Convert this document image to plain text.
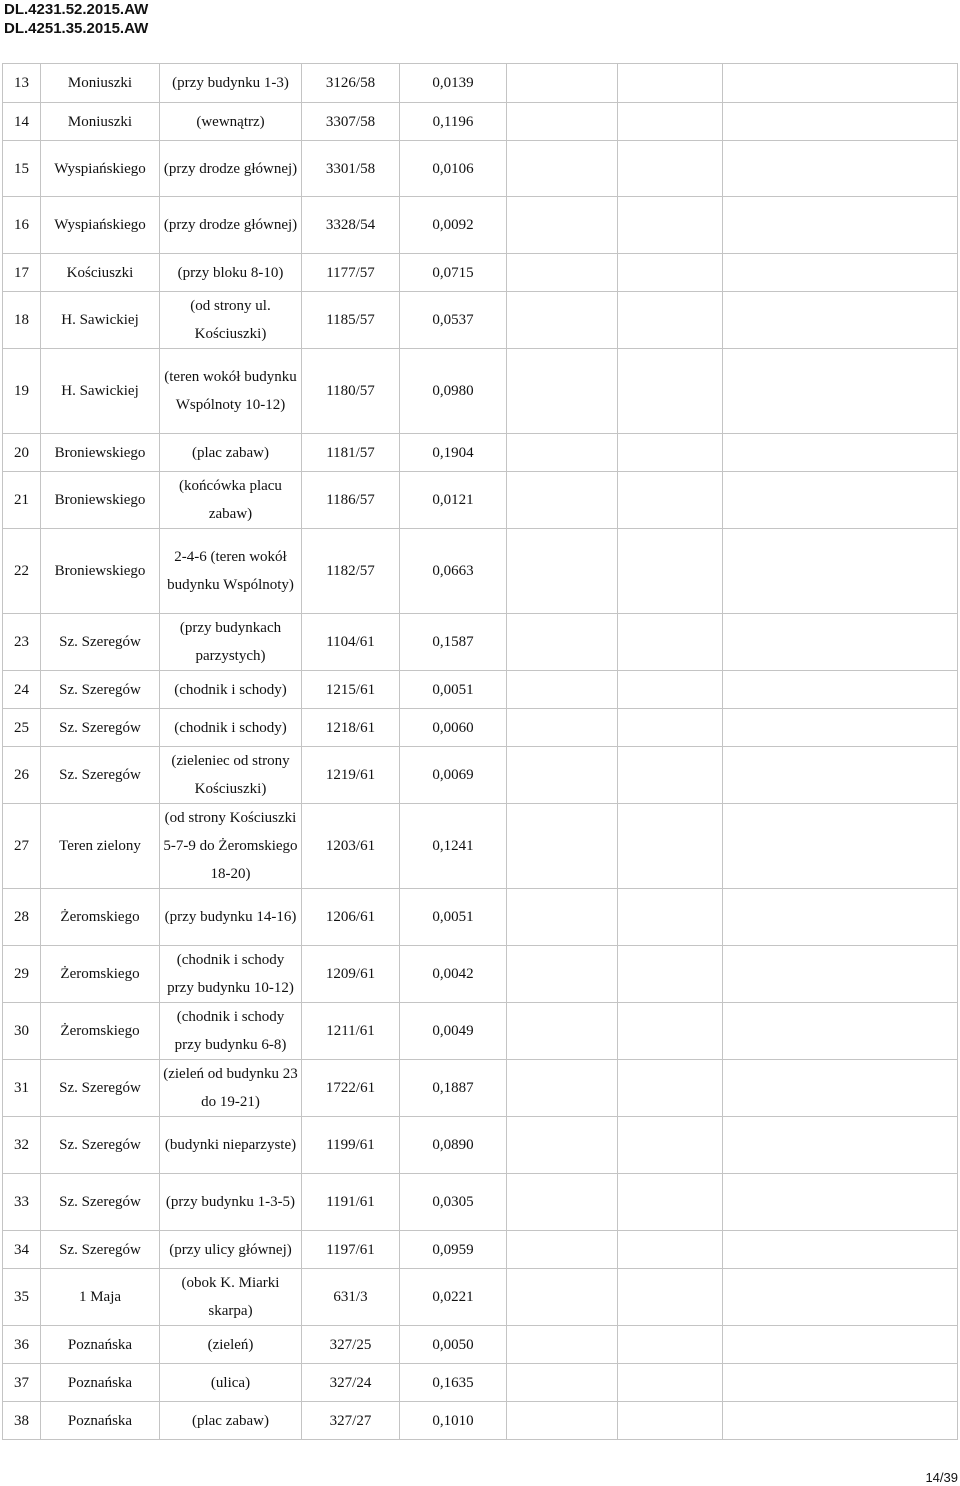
DL.4231.52.2015.AW
DL.4251.35.2015.AW
13	Moniuszki	(przy budynku 1-3)	3126/58	0,0139			
14	Moniuszki	(wewnątrz)	3307/58	0,1196			
15	Wyspiańskiego	(przy drodze głównej)	3301/58	0,0106			
16	Wyspiańskiego	(przy drodze głównej)	3328/54	0,0092			
17	Kościuszki	(przy bloku 8-10)	1177/57	0,0715			
18	H. Sawickiej	(od strony ul. Kościuszki)	1185/57	0,0537			
19	H. Sawickiej	(teren wokół budynku Wspólnoty 10-12)	1180/57	0,0980			
20	Broniewskiego	(plac zabaw)	1181/57	0,1904			
21	Broniewskiego	(końcówka placu zabaw)	1186/57	0,0121			
22	Broniewskiego	2-4-6 (teren wokół budynku Wspólnoty)	1182/57	0,0663			
23	Sz. Szeregów	(przy budynkach parzystych)	1104/61	0,1587			
24	Sz. Szeregów	(chodnik i schody)	1215/61	0,0051			
25	Sz. Szeregów	(chodnik i schody)	1218/61	0,0060			
26	Sz. Szeregów	(zieleniec od strony Kościuszki)	1219/61	0,0069			
27	Teren zielony	(od strony Kościuszki 5-7-9 do Żeromskiego 18-20)	1203/61	0,1241			
28	Żeromskiego	(przy budynku 14-16)	1206/61	0,0051			
29	Żeromskiego	(chodnik i schody przy budynku 10-12)	1209/61	0,0042			
30	Żeromskiego	(chodnik i schody przy budynku 6-8)	1211/61	0,0049			
31	Sz. Szeregów	(zieleń od budynku 23 do 19-21)	1722/61	0,1887			
32	Sz. Szeregów	(budynki nieparzyste)	1199/61	0,0890			
33	Sz. Szeregów	(przy budynku 1-3-5)	1191/61	0,0305			
34	Sz. Szeregów	(przy ulicy głównej)	1197/61	0,0959			
35	1 Maja	(obok K. Miarki skarpa)	631/3	0,0221			
36	Poznańska	(zieleń)	327/25	0,0050			
37	Poznańska	(ulica)	327/24	0,1635			
38	Poznańska	(plac zabaw)	327/27	0,1010			
14/39
